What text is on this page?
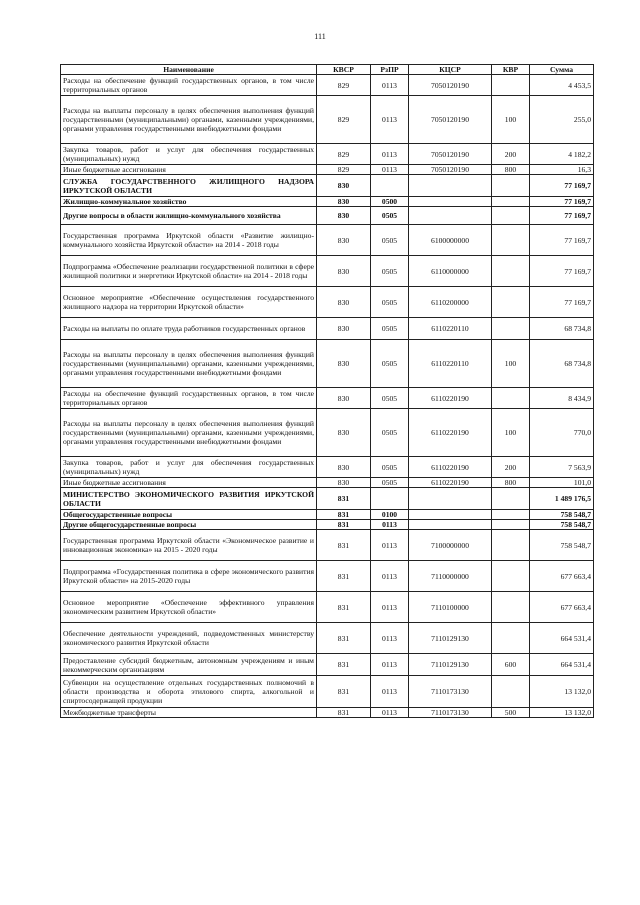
111
Наименование	КВСР	РзПР	КЦСР	КВР	Сумма
Расходы на обеспечение функций государственных органов, в том числе территориальных органов	829	0113	7050120190		4 453,5
Расходы на выплаты персоналу в целях обеспечения выполнения функций государственными (муниципальными) органами, казенными учреждениями, органами управления государственными внебюджетными фондами	829	0113	7050120190	100	255,0
Закупка товаров, работ и услуг для обеспечения государственных (муниципальных) нужд	829	0113	7050120190	200	4 182,2
Иные бюджетные ассигнования	829	0113	7050120190	800	16,3
СЛУЖБА ГОСУДАРСТВЕННОГО ЖИЛИЩНОГО НАДЗОРА ИРКУТСКОЙ ОБЛАСТИ	830				77 169,7
Жилищно-коммунальное хозяйство	830	0500			77 169,7
Другие вопросы в области жилищно-коммунального хозяйства	830	0505			77 169,7
Государственная программа Иркутской области «Развитие жилищно-коммунального хозяйства Иркутской области» на 2014 - 2018 годы	830	0505	6100000000		77 169,7
Подпрограмма «Обеспечение реализации государственной политики в сфере жилищной политики и энергетики Иркутской области» на 2014 - 2018 годы	830	0505	6110000000		77 169,7
Основное мероприятие «Обеспечение осуществления государственного жилищного надзора на территории Иркутской области»	830	0505	6110200000		77 169,7
Расходы на выплаты по оплате труда работников государственных органов	830	0505	6110220110		68 734,8
Расходы на выплаты персоналу в целях обеспечения выполнения функций государственными (муниципальными) органами, казенными учреждениями, органами управления государственными внебюджетными фондами	830	0505	6110220110	100	68 734,8
Расходы на обеспечение функций государственных органов, в том числе территориальных органов	830	0505	6110220190		8 434,9
Расходы на выплаты персоналу в целях обеспечения выполнения функций государственными (муниципальными) органами, казенными учреждениями, органами управления государственными внебюджетными фондами	830	0505	6110220190	100	770,0
Закупка товаров, работ и услуг для обеспечения государственных (муниципальных) нужд	830	0505	6110220190	200	7 563,9
Иные бюджетные ассигнования	830	0505	6110220190	800	101,0
МИНИСТЕРСТВО ЭКОНОМИЧЕСКОГО РАЗВИТИЯ ИРКУТСКОЙ ОБЛАСТИ	831				1 489 176,5
Общегосударственные вопросы	831	0100			758 548,7
Другие общегосударственные вопросы	831	0113			758 548,7
Государственная программа Иркутской области «Экономическое развитие и инновационная экономика» на 2015 - 2020 годы	831	0113	7100000000		758 548,7
Подпрограмма «Государственная политика в сфере экономического развития Иркутской области» на 2015-2020 годы	831	0113	7110000000		677 663,4
Основное мероприятие «Обеспечение эффективного управления экономическим развитием Иркутской области»	831	0113	7110100000		677 663,4
Обеспечение деятельности учреждений, подведомственных министерству экономического развития Иркутской области	831	0113	7110129130		664 531,4
Предоставление субсидий бюджетным, автономным учреждениям и иным некоммерческим организациям	831	0113	7110129130	600	664 531,4
Субвенции на осуществление отдельных государственных полномочий в области производства и оборота этилового спирта, алкогольной и спиртосодержащей продукции	831	0113	7110173130		13 132,0
Межбюджетные трансферты	831	0113	7110173130	500	13 132,0
